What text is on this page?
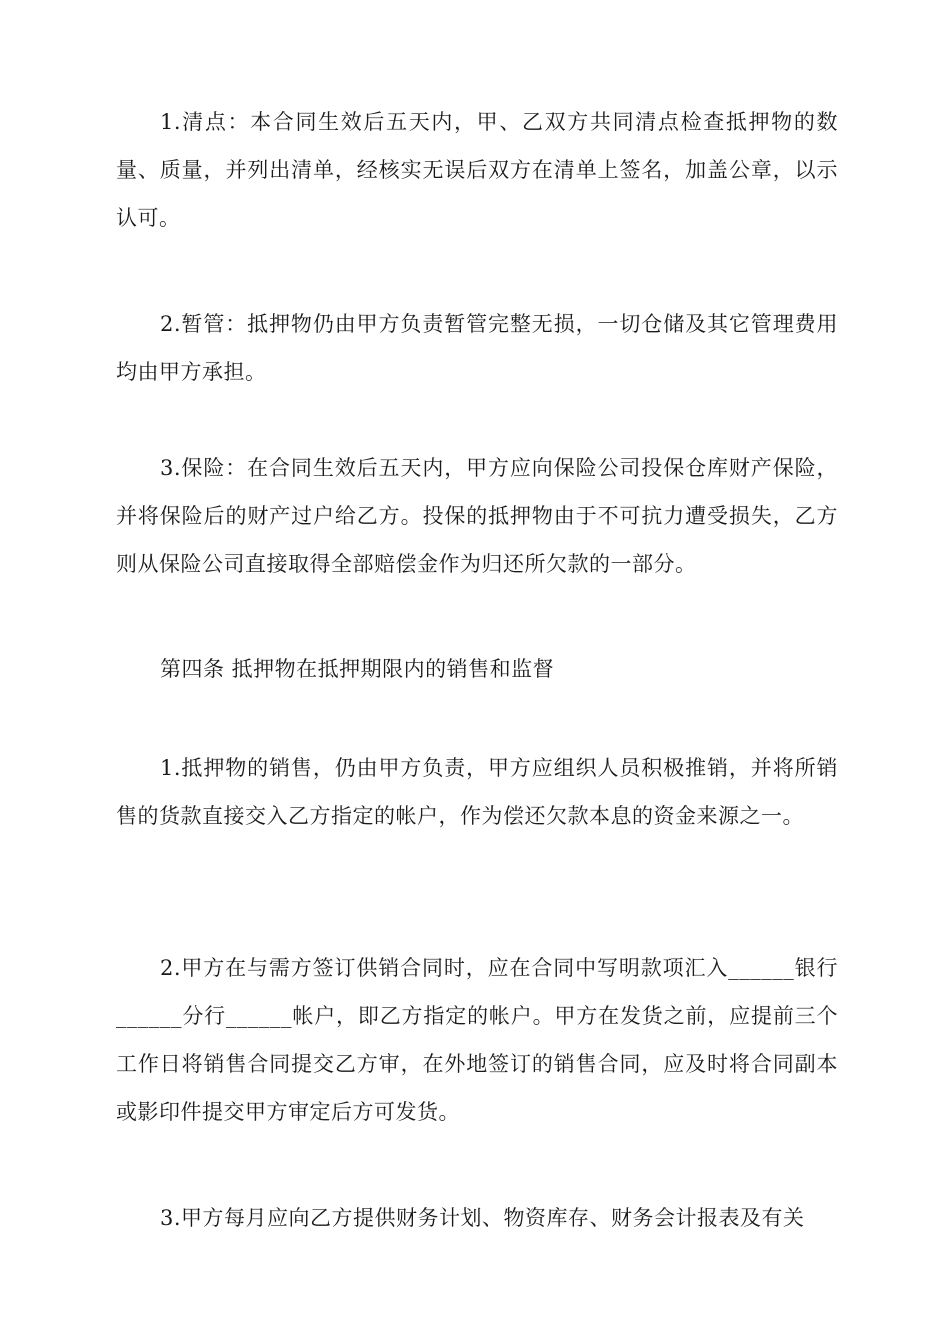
1.清点：本合同生效后五天内，甲、乙双方共同清点检查抵押物的数量、质量，并列出清单，经核实无误后双方在清单上签名，加盖公章，以示认可。

2.暂管：抵押物仍由甲方负责暂管完整无损，一切仓储及其它管理费用均由甲方承担。

3.保险：在合同生效后五天内，甲方应向保险公司投保仓库财产保险，并将保险后的财产过户给乙方。投保的抵押物由于不可抗力遭受损失，乙方则从保险公司直接取得全部赔偿金作为归还所欠款的一部分。

第四条 抵押物在抵押期限内的销售和监督

1.抵押物的销售，仍由甲方负责，甲方应组织人员积极推销，并将所销售的货款直接交入乙方指定的帐户，作为偿还欠款本息的资金来源之一。

2.甲方在与需方签订供销合同时，应在合同中写明款项汇入______银行______分行______帐户，即乙方指定的帐户。甲方在发货之前，应提前三个工作日将销售合同提交乙方审，在外地签订的销售合同，应及时将合同副本或影印件提交甲方审定后方可发货。

3.甲方每月应向乙方提供财务计划、物资库存、财务会计报表及有关
